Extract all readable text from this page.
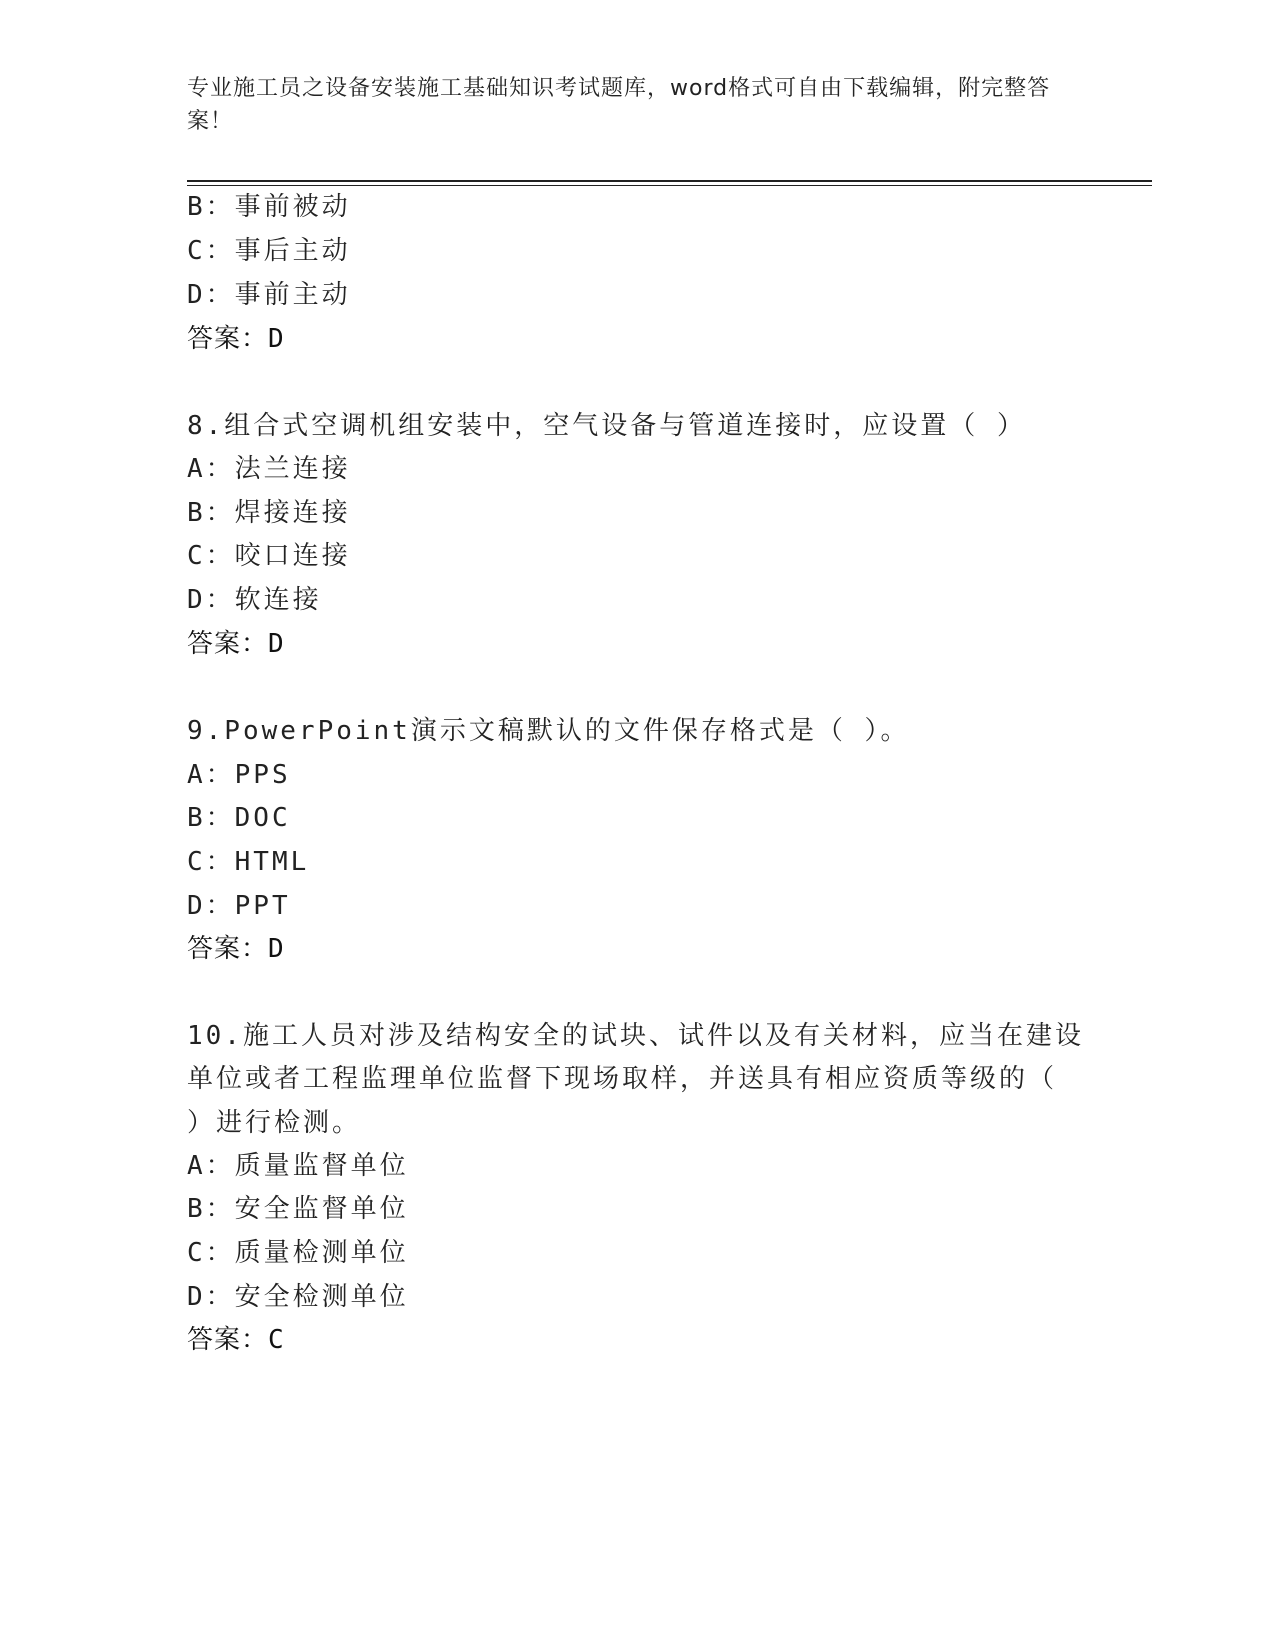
专业施工员之设备安装施工基础知识考试题库，word格式可自由下载编辑，附完整答案！
B：事前被动
C：事后主动
D：事前主动
答案：D
8.组合式空调机组安装中，空气设备与管道连接时，应设置（ ）
A：法兰连接
B：焊接连接
C：咬口连接
D：软连接
答案：D
9.PowerPoint演示文稿默认的文件保存格式是（ ）。
A：PPS
B：DOC
C：HTML
D：PPT
答案：D
10.施工人员对涉及结构安全的试块、试件以及有关材料，应当在建设
单位或者工程监理单位监督下现场取样，并送具有相应资质等级的（
）进行检测。
A：质量监督单位
B：安全监督单位
C：质量检测单位
D：安全检测单位
答案：C
